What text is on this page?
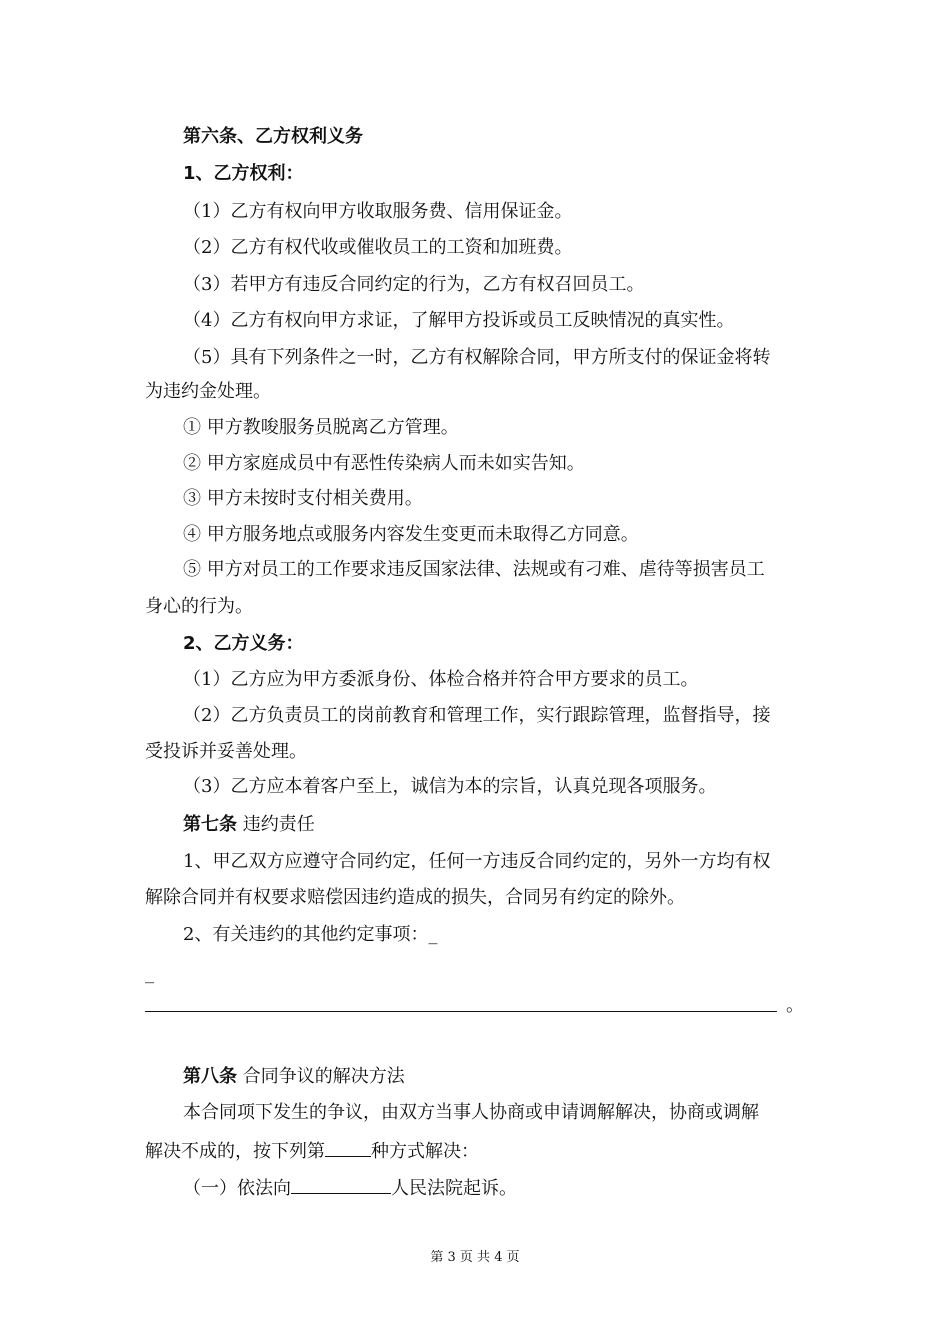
第六条、乙方权利义务
1、乙方权利：
（1）乙方有权向甲方收取服务费、信用保证金。
（2）乙方有权代收或催收员工的工资和加班费。
（3）若甲方有违反合同约定的行为，乙方有权召回员工。
（4）乙方有权向甲方求证，了解甲方投诉或员工反映情况的真实性。
（5）具有下列条件之一时，乙方有权解除合同，甲方所支付的保证金将转
为违约金处理。
① 甲方教唆服务员脱离乙方管理。
② 甲方家庭成员中有恶性传染病人而未如实告知。
③ 甲方未按时支付相关费用。
④ 甲方服务地点或服务内容发生变更而未取得乙方同意。
⑤ 甲方对员工的工作要求违反国家法律、法规或有刁难、虐待等损害员工
身心的行为。
2、乙方义务：
（1）乙方应为甲方委派身份、体检合格并符合甲方要求的员工。
（2）乙方负责员工的岗前教育和管理工作，实行跟踪管理，监督指导，接
受投诉并妥善处理。
（3）乙方应本着客户至上，诚信为本的宗旨，认真兑现各项服务。
第七条 违约责任
1、甲乙双方应遵守合同约定，任何一方违反合同约定的，另外一方均有权
解除合同并有权要求赔偿因违约造成的损失，合同另有约定的除外。
2、有关违约的其他约定事项：_
_
。
第八条 合同争议的解决方法
本合同项下发生的争议，由双方当事人协商或申请调解解决，协商或调解
解决不成的，按下列第	种方式解决：
（一）依法向	人民法院起诉。
第 3 页 共 4 页
